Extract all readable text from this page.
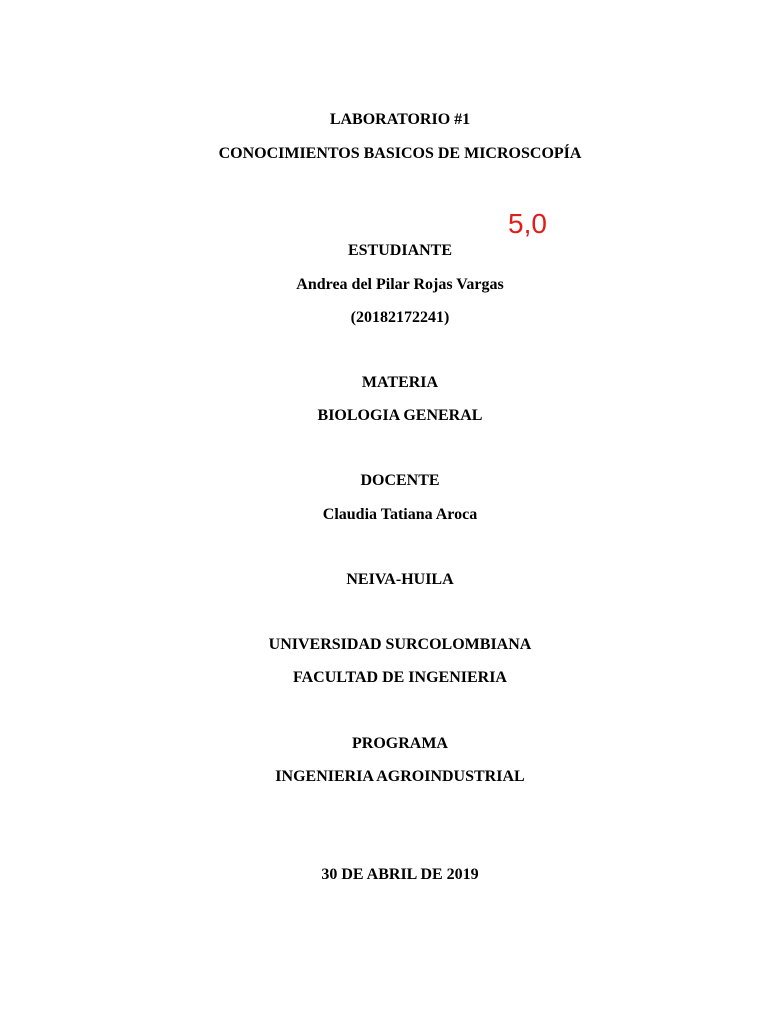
LABORATORIO #1
CONOCIMIENTOS BASICOS DE MICROSCOPÍA
5,0
ESTUDIANTE
Andrea del Pilar Rojas Vargas
(20182172241)
MATERIA
BIOLOGIA GENERAL
DOCENTE
Claudia Tatiana Aroca
NEIVA-HUILA
UNIVERSIDAD SURCOLOMBIANA
FACULTAD DE INGENIERIA
PROGRAMA
INGENIERIA AGROINDUSTRIAL
30 DE ABRIL DE 2019
